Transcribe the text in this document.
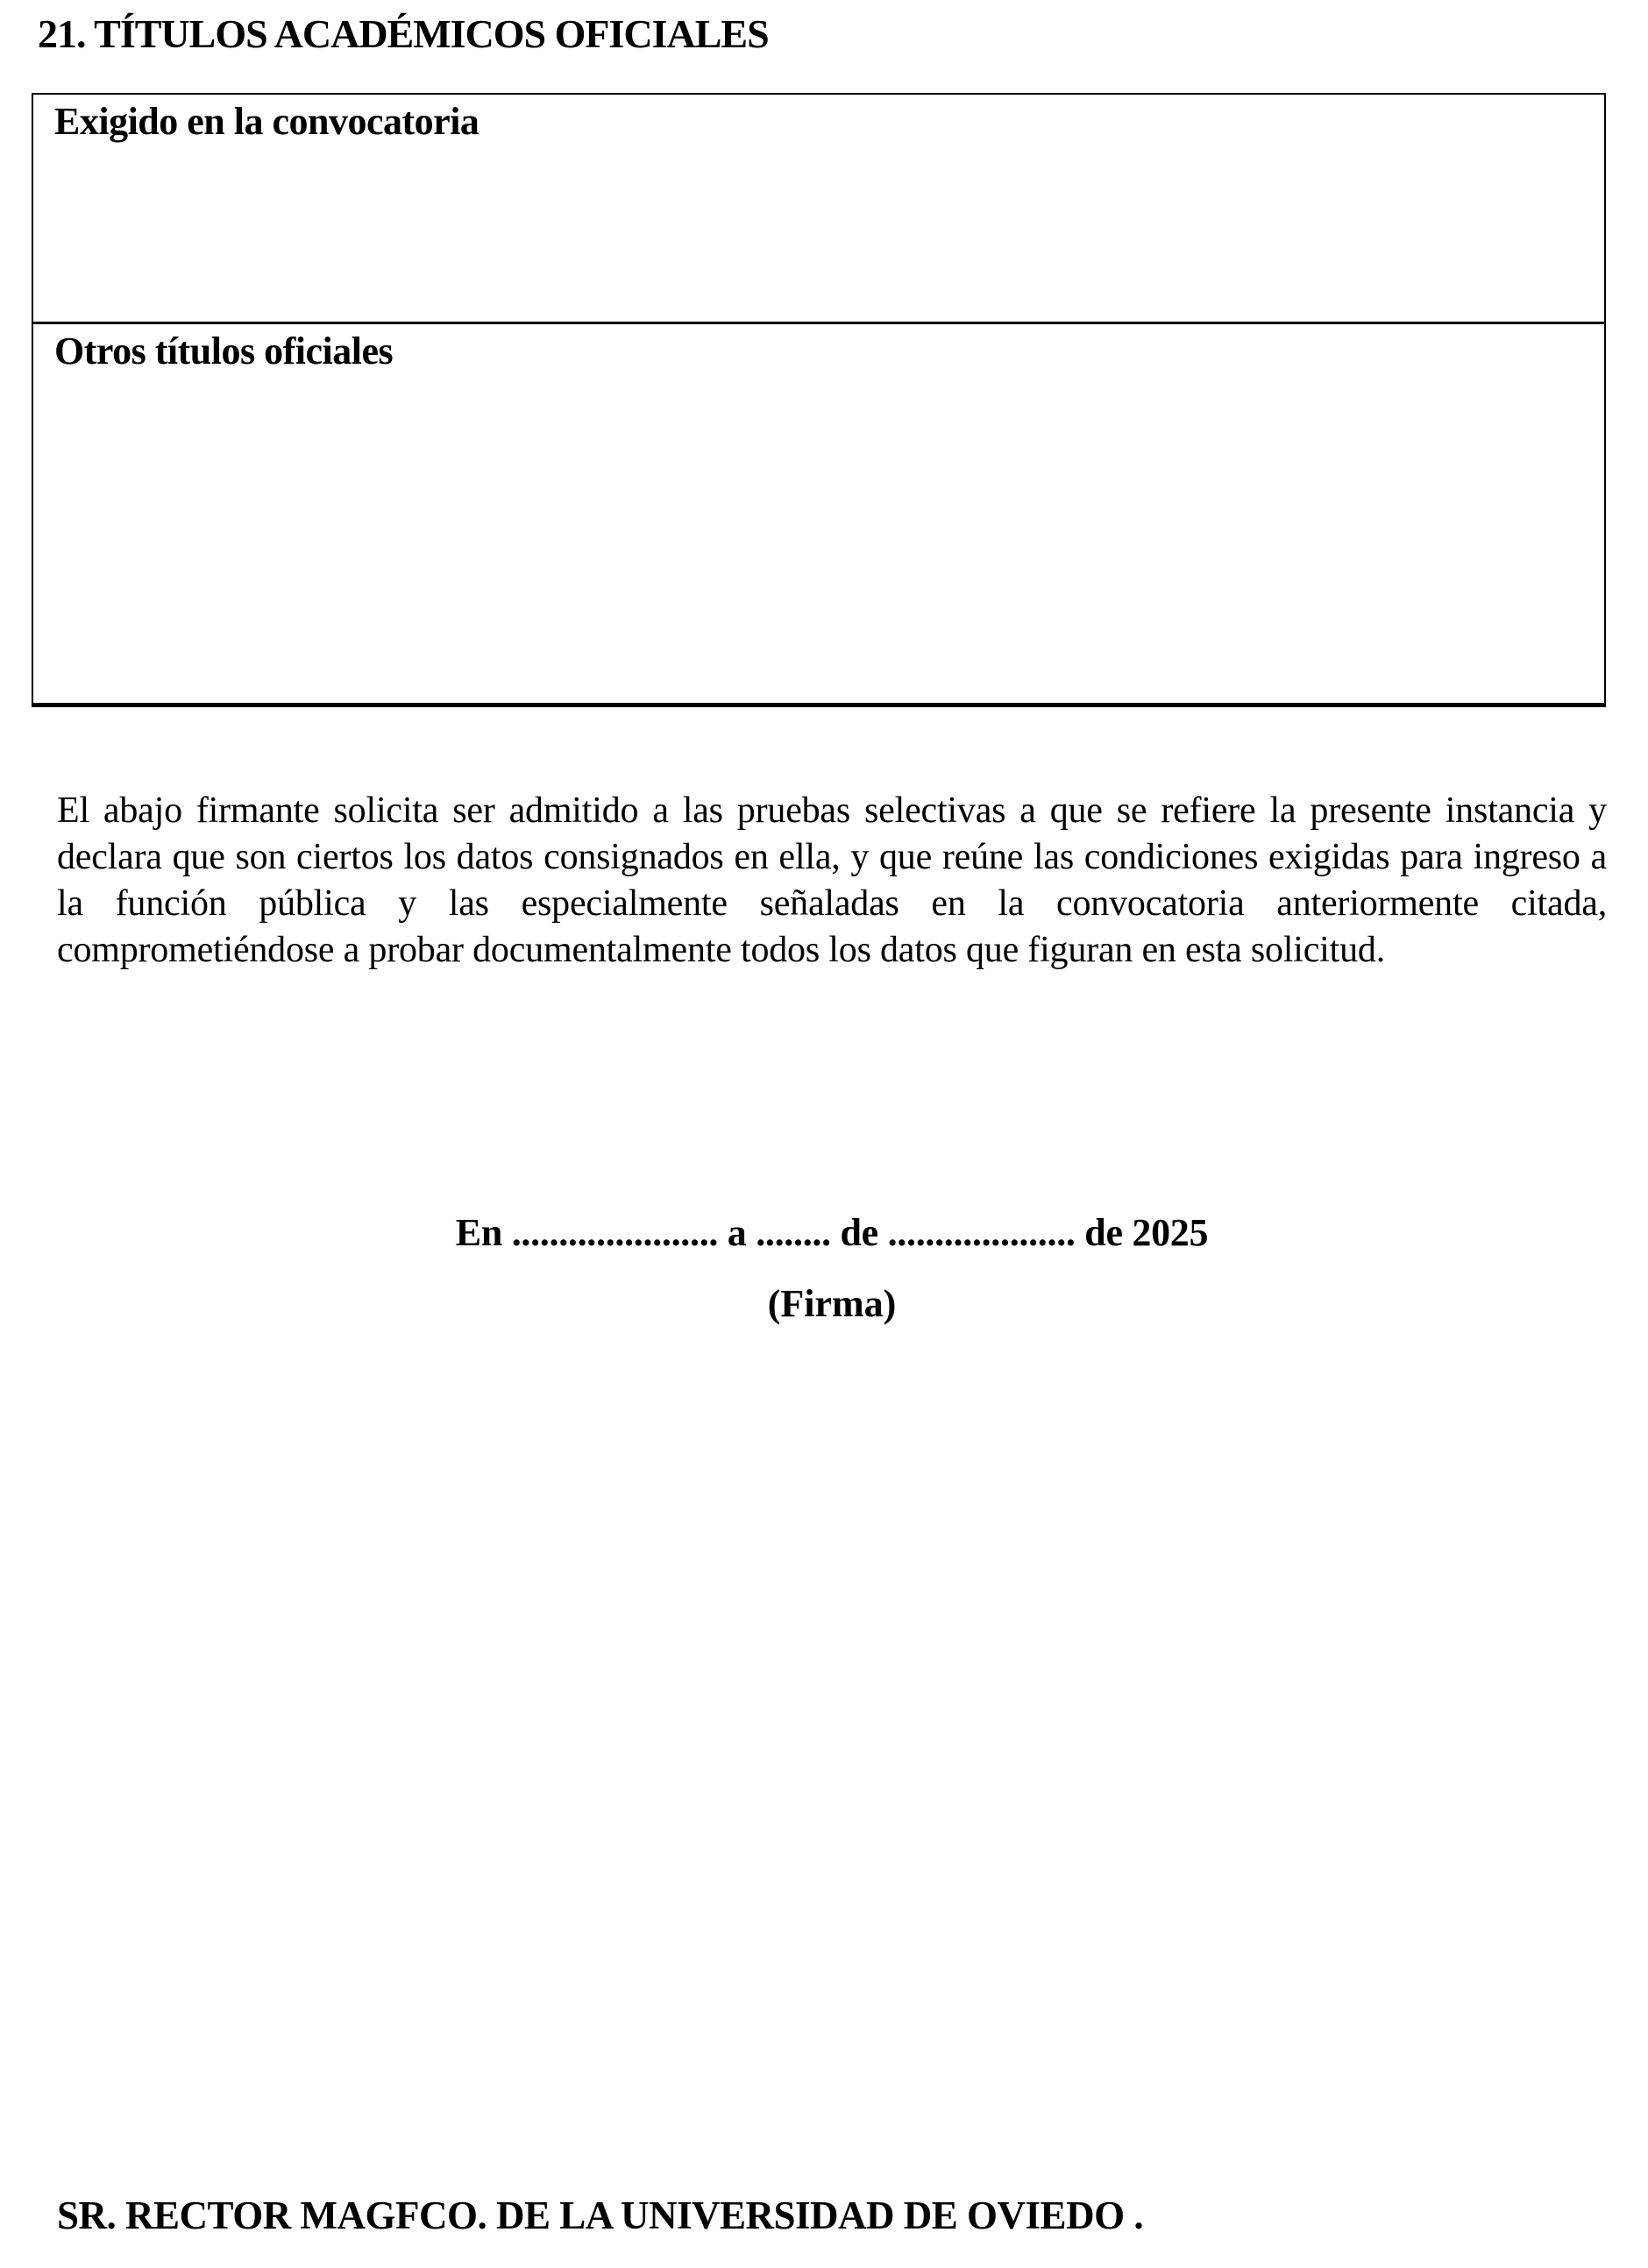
21. TÍTULOS ACADÉMICOS OFICIALES
Exigido en la convocatoria
Otros títulos oficiales
El abajo firmante solicita ser admitido a las pruebas selectivas a que se refiere la presente instancia y declara que son ciertos los datos consignados en ella, y que reúne las condiciones exigidas para ingreso a la función pública y las especialmente señaladas en la convocatoria anteriormente citada, comprometiéndose a probar documentalmente todos los datos que figuran en esta solicitud.
En ...................... a ........ de .................... de 2025
(Firma)
SR. RECTOR MAGFCO. DE LA UNIVERSIDAD DE OVIEDO .
